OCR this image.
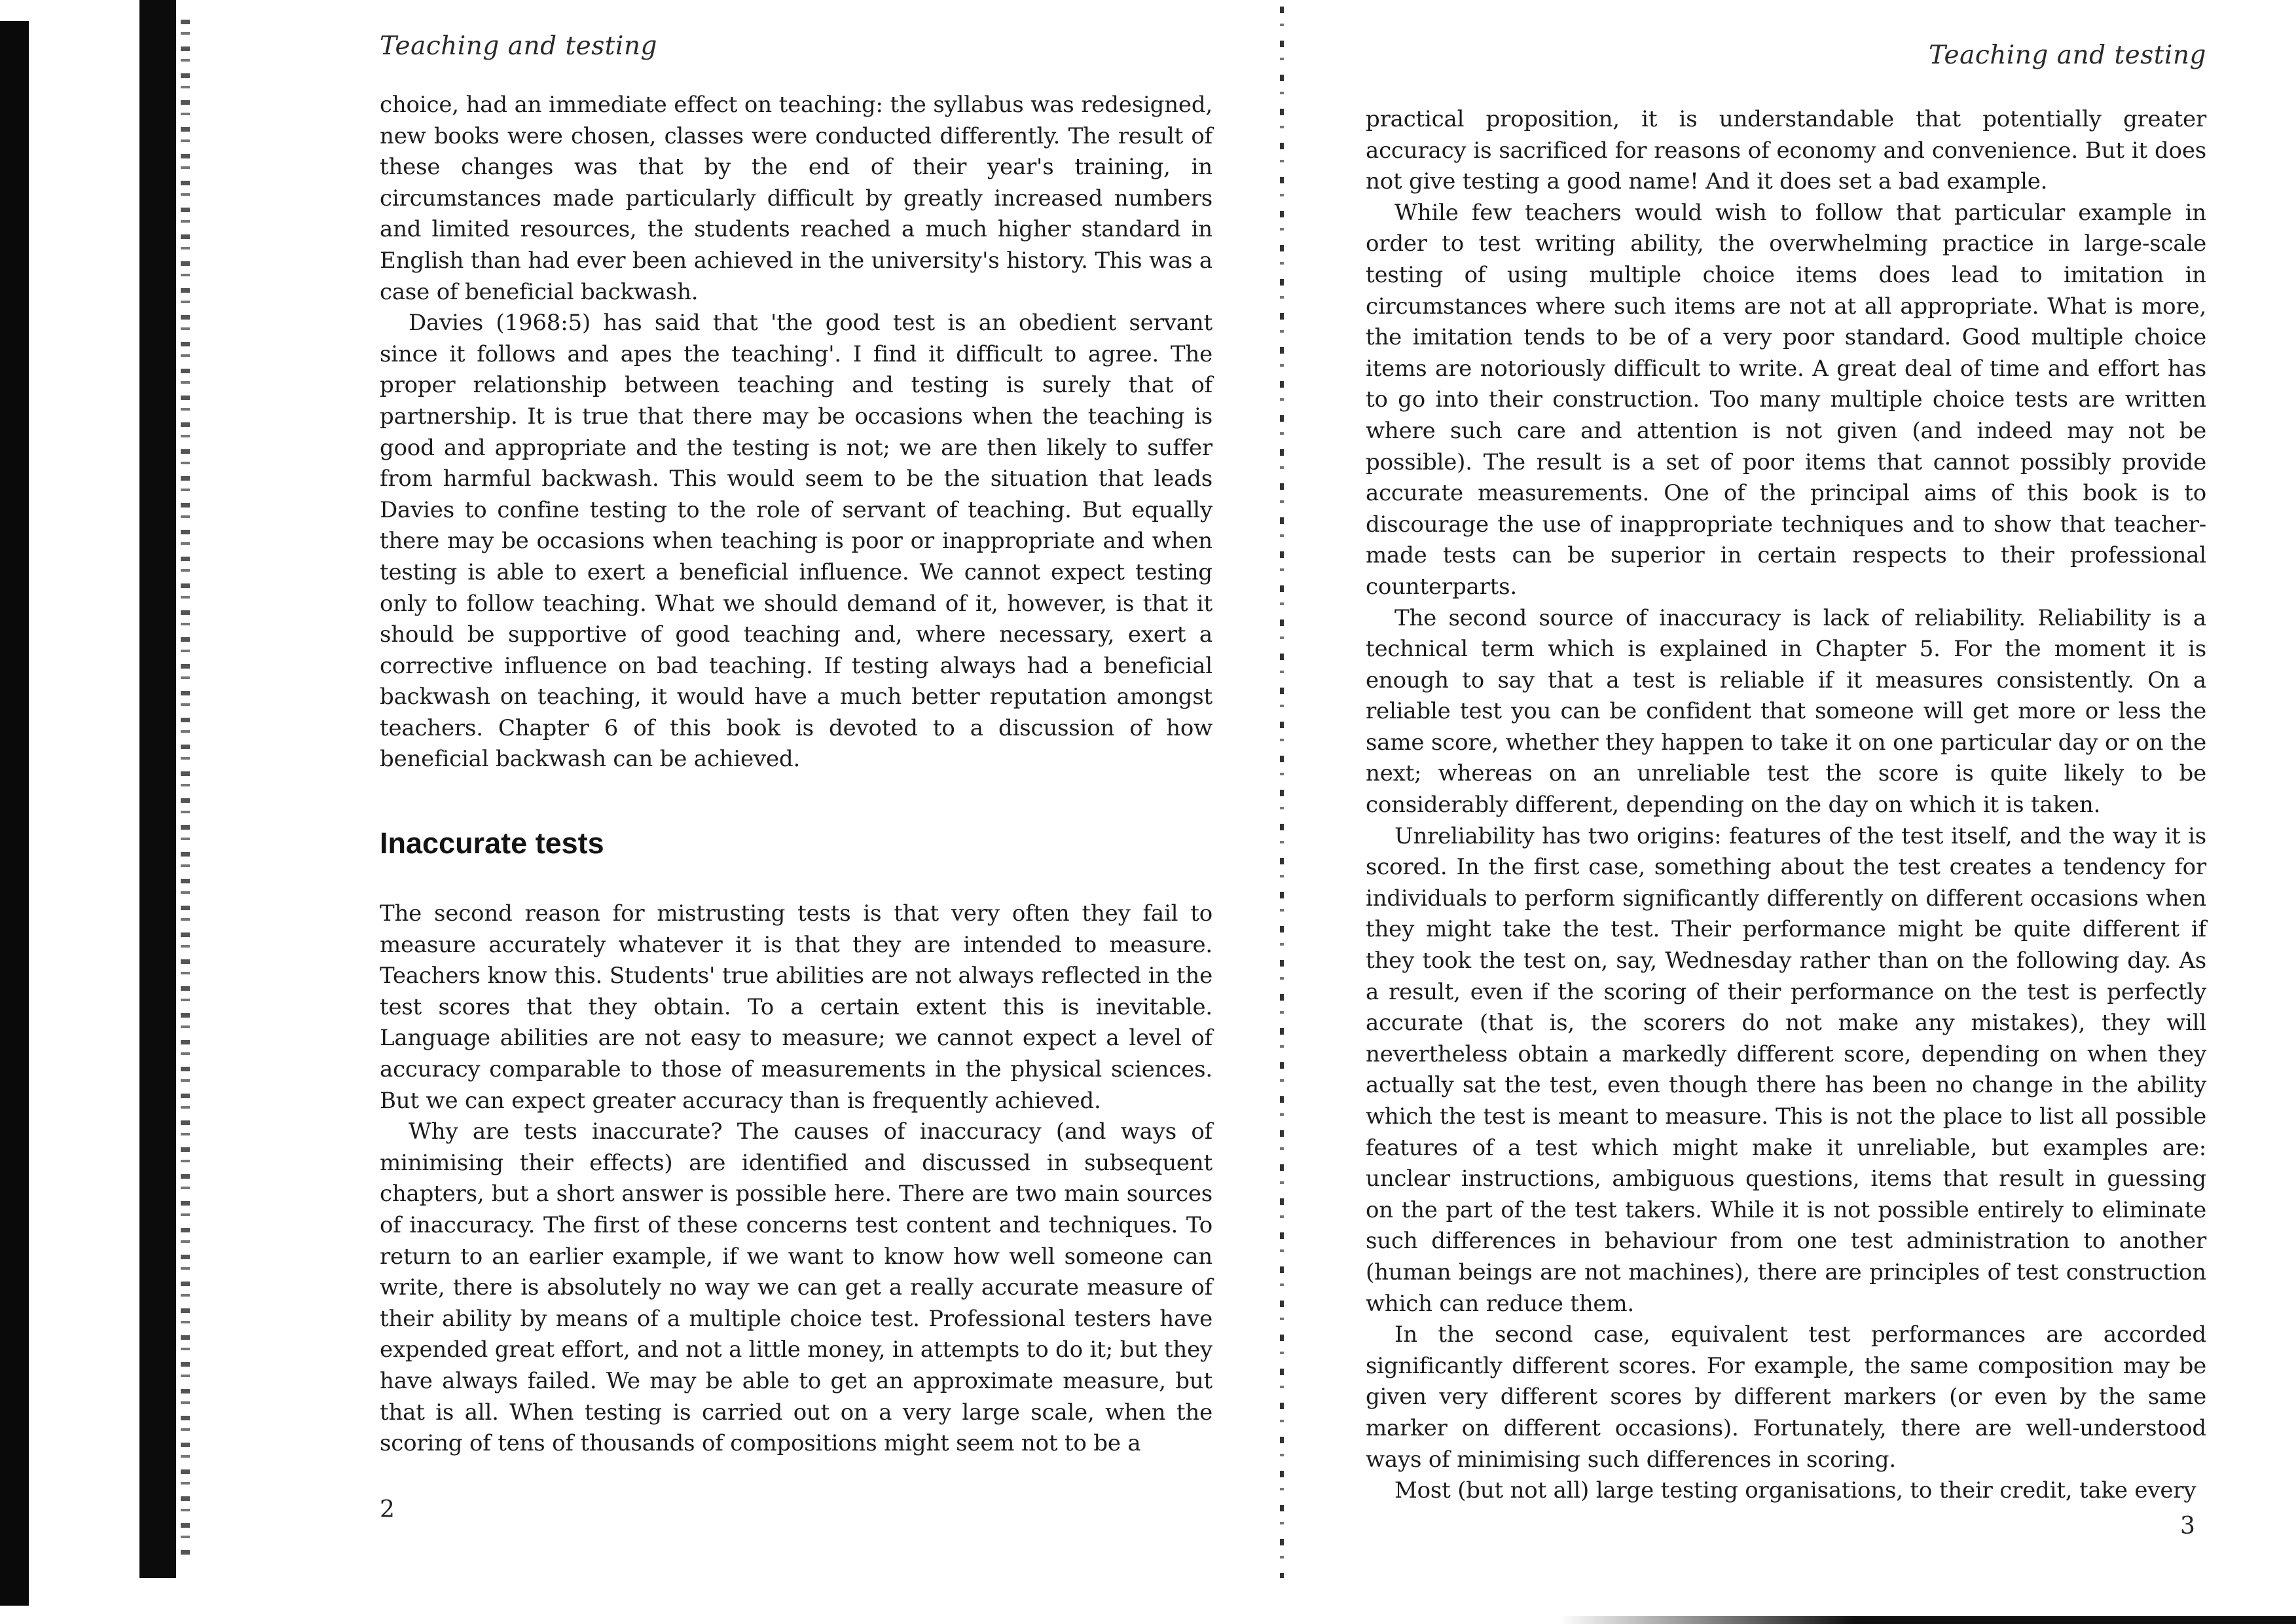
Teaching and testing

choice, had an immediate effect on teaching: the syllabus was redesigned, new books were chosen, classes were conducted differently. The result of these changes was that by the end of their year's training, in circumstances made particularly difficult by greatly increased numbers and limited resources, the students reached a much higher standard in English than had ever been achieved in the university's history. This was a case of beneficial backwash.

Davies (1968:5) has said that 'the good test is an obedient servant since it follows and apes the teaching'. I find it difficult to agree. The proper relationship between teaching and testing is surely that of partnership. It is true that there may be occasions when the teaching is good and appropriate and the testing is not; we are then likely to suffer from harmful backwash. This would seem to be the situation that leads Davies to confine testing to the role of servant of teaching. But equally there may be occasions when teaching is poor or inappropriate and when testing is able to exert a beneficial influence. We cannot expect testing only to follow teaching. What we should demand of it, however, is that it should be supportive of good teaching and, where necessary, exert a corrective influence on bad teaching. If testing always had a beneficial backwash on teaching, it would have a much better reputation amongst teachers. Chapter 6 of this book is devoted to a discussion of how beneficial backwash can be achieved.

Inaccurate tests

The second reason for mistrusting tests is that very often they fail to measure accurately whatever it is that they are intended to measure. Teachers know this. Students' true abilities are not always reflected in the test scores that they obtain. To a certain extent this is inevitable. Language abilities are not easy to measure; we cannot expect a level of accuracy comparable to those of measurements in the physical sciences. But we can expect greater accuracy than is frequently achieved.

Why are tests inaccurate? The causes of inaccuracy (and ways of minimising their effects) are identified and discussed in subsequent chapters, but a short answer is possible here. There are two main sources of inaccuracy. The first of these concerns test content and techniques. To return to an earlier example, if we want to know how well someone can write, there is absolutely no way we can get a really accurate measure of their ability by means of a multiple choice test. Professional testers have expended great effort, and not a little money, in attempts to do it; but they have always failed. We may be able to get an approximate measure, but that is all. When testing is carried out on a very large scale, when the scoring of tens of thousands of compositions might seem not to be a

2
Teaching and testing

practical proposition, it is understandable that potentially greater accuracy is sacrificed for reasons of economy and convenience. But it does not give testing a good name! And it does set a bad example.

While few teachers would wish to follow that particular example in order to test writing ability, the overwhelming practice in large-scale testing of using multiple choice items does lead to imitation in circumstances where such items are not at all appropriate. What is more, the imitation tends to be of a very poor standard. Good multiple choice items are notoriously difficult to write. A great deal of time and effort has to go into their construction. Too many multiple choice tests are written where such care and attention is not given (and indeed may not be possible). The result is a set of poor items that cannot possibly provide accurate measurements. One of the principal aims of this book is to discourage the use of inappropriate techniques and to show that teacher-made tests can be superior in certain respects to their professional counterparts.

The second source of inaccuracy is lack of reliability. Reliability is a technical term which is explained in Chapter 5. For the moment it is enough to say that a test is reliable if it measures consistently. On a reliable test you can be confident that someone will get more or less the same score, whether they happen to take it on one particular day or on the next; whereas on an unreliable test the score is quite likely to be considerably different, depending on the day on which it is taken.

Unreliability has two origins: features of the test itself, and the way it is scored. In the first case, something about the test creates a tendency for individuals to perform significantly differently on different occasions when they might take the test. Their performance might be quite different if they took the test on, say, Wednesday rather than on the following day. As a result, even if the scoring of their performance on the test is perfectly accurate (that is, the scorers do not make any mistakes), they will nevertheless obtain a markedly different score, depending on when they actually sat the test, even though there has been no change in the ability which the test is meant to measure. This is not the place to list all possible features of a test which might make it unreliable, but examples are: unclear instructions, ambiguous questions, items that result in guessing on the part of the test takers. While it is not possible entirely to eliminate such differences in behaviour from one test administration to another (human beings are not machines), there are principles of test construction which can reduce them.

In the second case, equivalent test performances are accorded significantly different scores. For example, the same composition may be given very different scores by different markers (or even by the same marker on different occasions). Fortunately, there are well-understood ways of minimising such differences in scoring.

Most (but not all) large testing organisations, to their credit, take every

3
